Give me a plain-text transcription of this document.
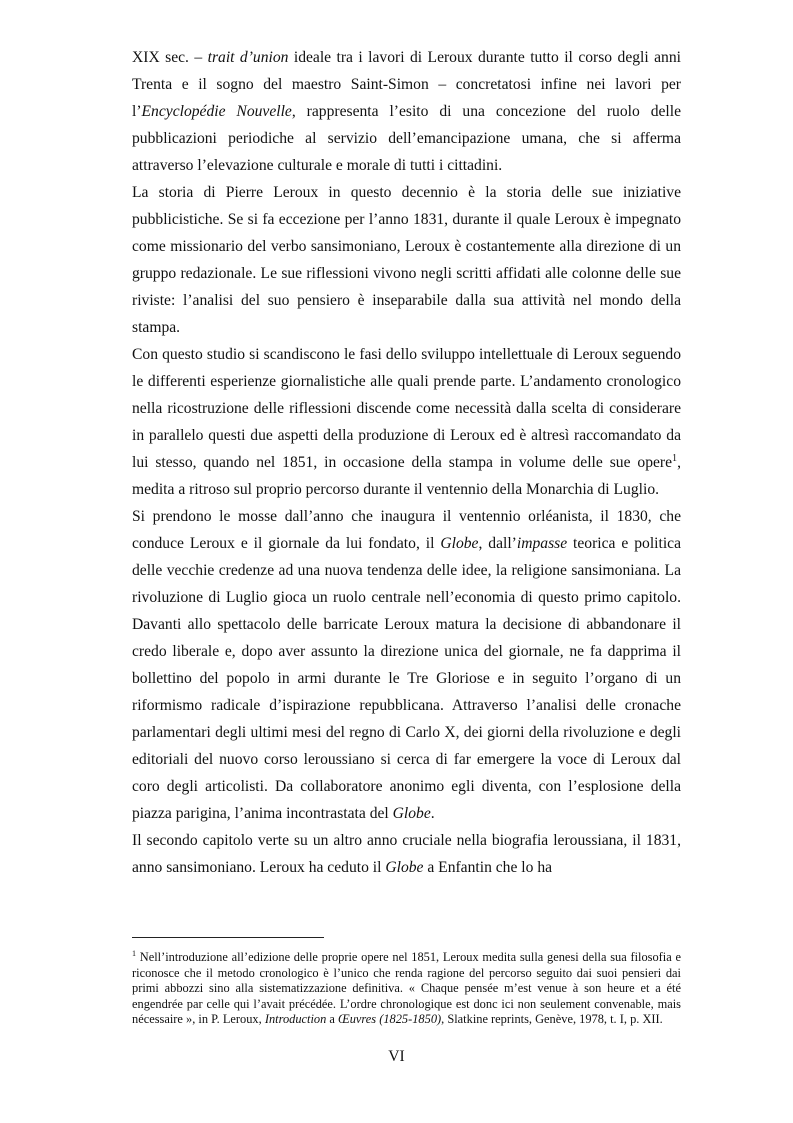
XIX sec. – trait d’union ideale tra i lavori di Leroux durante tutto il corso degli anni Trenta e il sogno del maestro Saint-Simon – concretatosi infine nei lavori per l’Encyclopédie Nouvelle, rappresenta l’esito di una concezione del ruolo delle pubblicazioni periodiche al servizio dell’emancipazione umana, che si afferma attraverso l’elevazione culturale e morale di tutti i cittadini.

La storia di Pierre Leroux in questo decennio è la storia delle sue iniziative pubblicistiche. Se si fa eccezione per l’anno 1831, durante il quale Leroux è impegnato come missionario del verbo sansimoniano, Leroux è costantemente alla direzione di un gruppo redazionale. Le sue riflessioni vivono negli scritti affidati alle colonne delle sue riviste: l’analisi del suo pensiero è inseparabile dalla sua attività nel mondo della stampa.

Con questo studio si scandiscono le fasi dello sviluppo intellettuale di Leroux seguendo le differenti esperienze giornalistiche alle quali prende parte. L’andamento cronologico nella ricostruzione delle riflessioni discende come necessità dalla scelta di considerare in parallelo questi due aspetti della produzione di Leroux ed è altresì raccomandato da lui stesso, quando nel 1851, in occasione della stampa in volume delle sue opere$^1$, medita a ritroso sul proprio percorso durante il ventennio della Monarchia di Luglio.

Si prendono le mosse dall’anno che inaugura il ventennio orléanista, il 1830, che conduce Leroux e il giornale da lui fondato, il Globe, dall’impasse teorica e politica delle vecchie credenze ad una nuova tendenza delle idee, la religione sansimoniana. La rivoluzione di Luglio gioca un ruolo centrale nell’economia di questo primo capitolo. Davanti allo spettacolo delle barricate Leroux matura la decisione di abbandonare il credo liberale e, dopo aver assunto la direzione unica del giornale, ne fa dapprima il bollettino del popolo in armi durante le Tre Gloriose e in seguito l’organo di un riformismo radicale d’ispirazione repubblicana. Attraverso l’analisi delle cronache parlamentari degli ultimi mesi del regno di Carlo X, dei giorni della rivoluzione e degli editoriali del nuovo corso leroussiano si cerca di far emergere la voce di Leroux dal coro degli articolisti. Da collaboratore anonimo egli diventa, con l’esplosione della piazza parigina, l’anima incontrastata del Globe.

Il secondo capitolo verte su un altro anno cruciale nella biografia leroussiana, il 1831, anno sansimoniano. Leroux ha ceduto il Globe a Enfantin che lo ha

$^1$ Nell’introduzione all’edizione delle proprie opere nel 1851, Leroux medita sulla genesi della sua filosofia e riconosce che il metodo cronologico è l’unico che renda ragione del percorso seguito dai suoi pensieri dai primi abbozzi sino alla sistematizzazione definitiva. « Chaque pensée m’est venue à son heure et a été engendrée par celle qui l’avait précédée. L’ordre chronologique est donc ici non seulement convenable, mais nécessaire », in P. Leroux, Introduction a Œuvres (1825-1850), Slatkine reprints, Genève, 1978, t. I, p. XII.
VI
